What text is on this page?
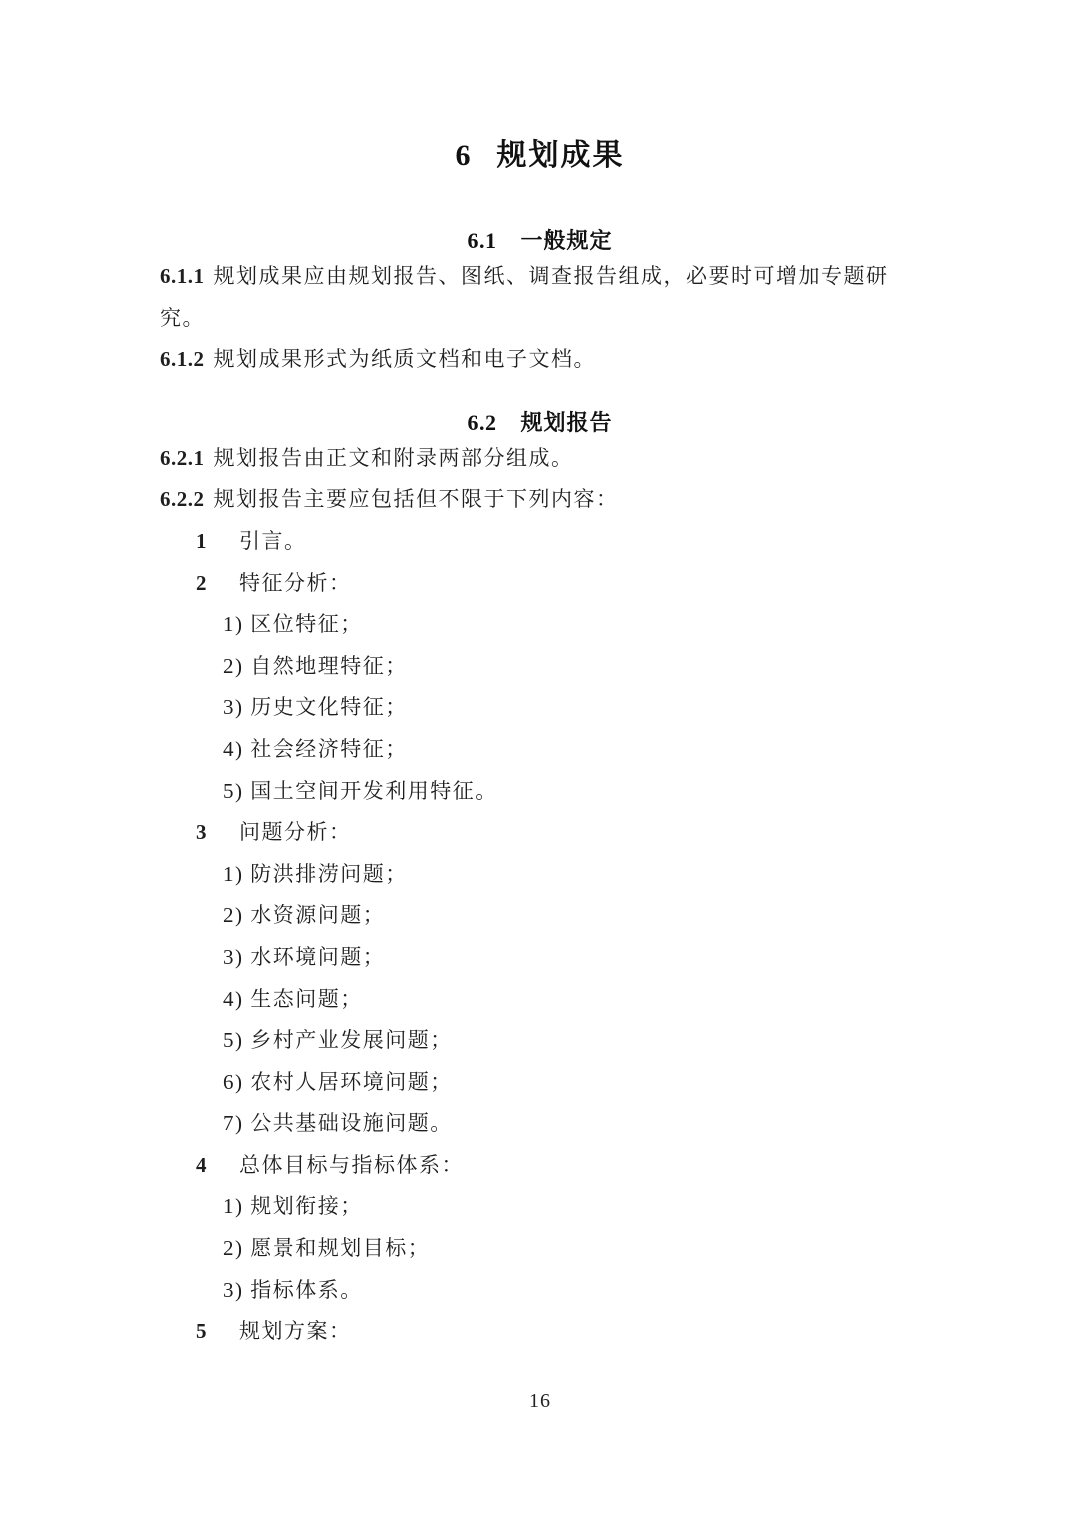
6 规划成果
6.1 一般规定

6.1.1 规划成果应由规划报告、图纸、调查报告组成，必要时可增加专题研究。

6.1.2 规划成果形式为纸质文档和电子文档。

6.2 规划报告

6.2.1 规划报告由正文和附录两部分组成。

6.2.2 规划报告主要应包括但不限于下列内容：

1 引言。

2 特征分析：

1) 区位特征；

2) 自然地理特征；

3) 历史文化特征；

4) 社会经济特征；

5) 国土空间开发利用特征。

3 问题分析：

1) 防洪排涝问题；

2) 水资源问题；

3) 水环境问题；

4) 生态问题；

5) 乡村产业发展问题；

6) 农村人居环境问题；

7) 公共基础设施问题。

4 总体目标与指标体系：

1) 规划衔接；

2) 愿景和规划目标；

3) 指标体系。

5 规划方案：

16
